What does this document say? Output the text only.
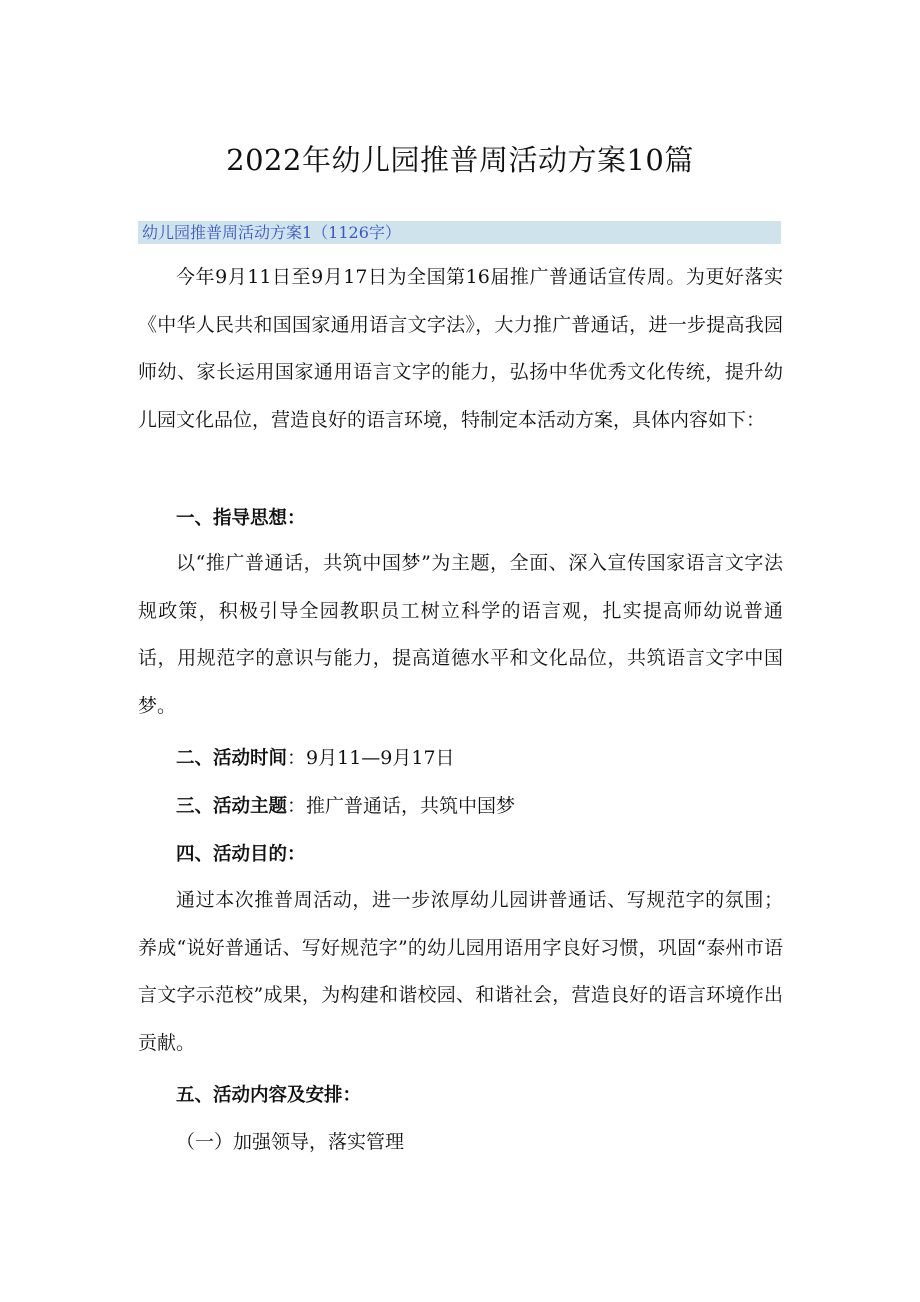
2022年幼儿园推普周活动方案10篇
幼儿园推普周活动方案1（1126字）

今年9月11日至9月17日为全国第16届推广普通话宣传周。为更好落实《中华人民共和国国家通用语言文字法》，大力推广普通话，进一步提高我园师幼、家长运用国家通用语言文字的能力，弘扬中华优秀文化传统，提升幼儿园文化品位，营造良好的语言环境，特制定本活动方案，具体内容如下：

一、指导思想：

以“推广普通话，共筑中国梦”为主题，全面、深入宣传国家语言文字法规政策，积极引导全园教职员工树立科学的语言观，扎实提高师幼说普通话，用规范字的意识与能力，提高道德水平和文化品位，共筑语言文字中国梦。

二、活动时间：9月11—9月17日
三、活动主题：推广普通话，共筑中国梦
四、活动目的：

通过本次推普周活动，进一步浓厚幼儿园讲普通话、写规范字的氛围；养成“说好普通话、写好规范字”的幼儿园用语用字良好习惯，巩固“泰州市语言文字示范校”成果，为构建和谐校园、和谐社会，营造良好的语言环境作出贡献。

五、活动内容及安排：
（一）加强领导，落实管理
